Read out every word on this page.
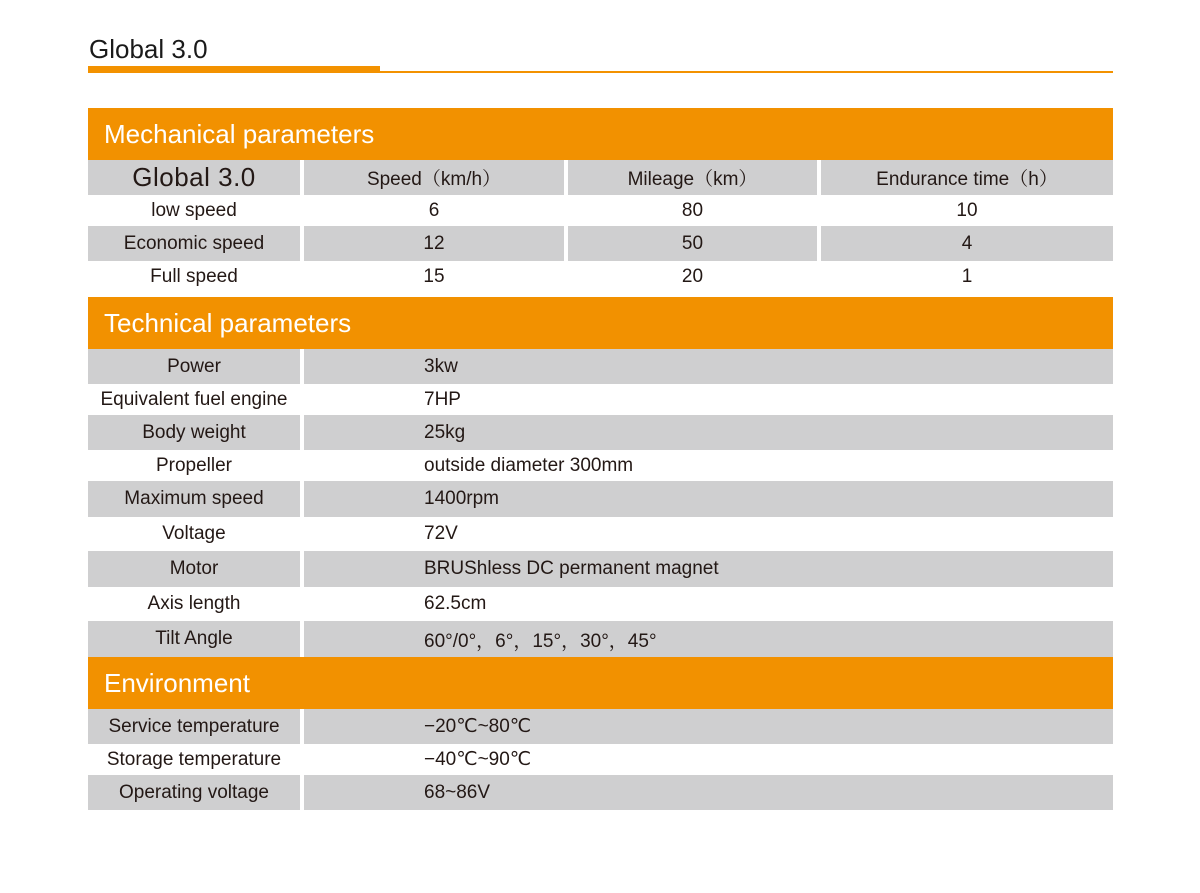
Global 3.0
Mechanical parameters
Global 3.0	Speed（km/h）	Mileage（km）	Endurance time（h）
low speed	6	80	10
Economic speed	12	50	4
Full speed	15	20	1
Technical parameters
Power	3kw
Equivalent fuel engine	7HP
Body weight	25kg
Propeller	outside diameter 300mm
Maximum speed	1400rpm
Voltage	72V
Motor	BRUShless DC permanent magnet
Axis length	62.5cm
Tilt Angle	60°/0°，6°，15°，30°，45°
Environment
Service temperature	−20℃~80℃
Storage temperature	−40℃~90℃
Operating voltage	68~86V
